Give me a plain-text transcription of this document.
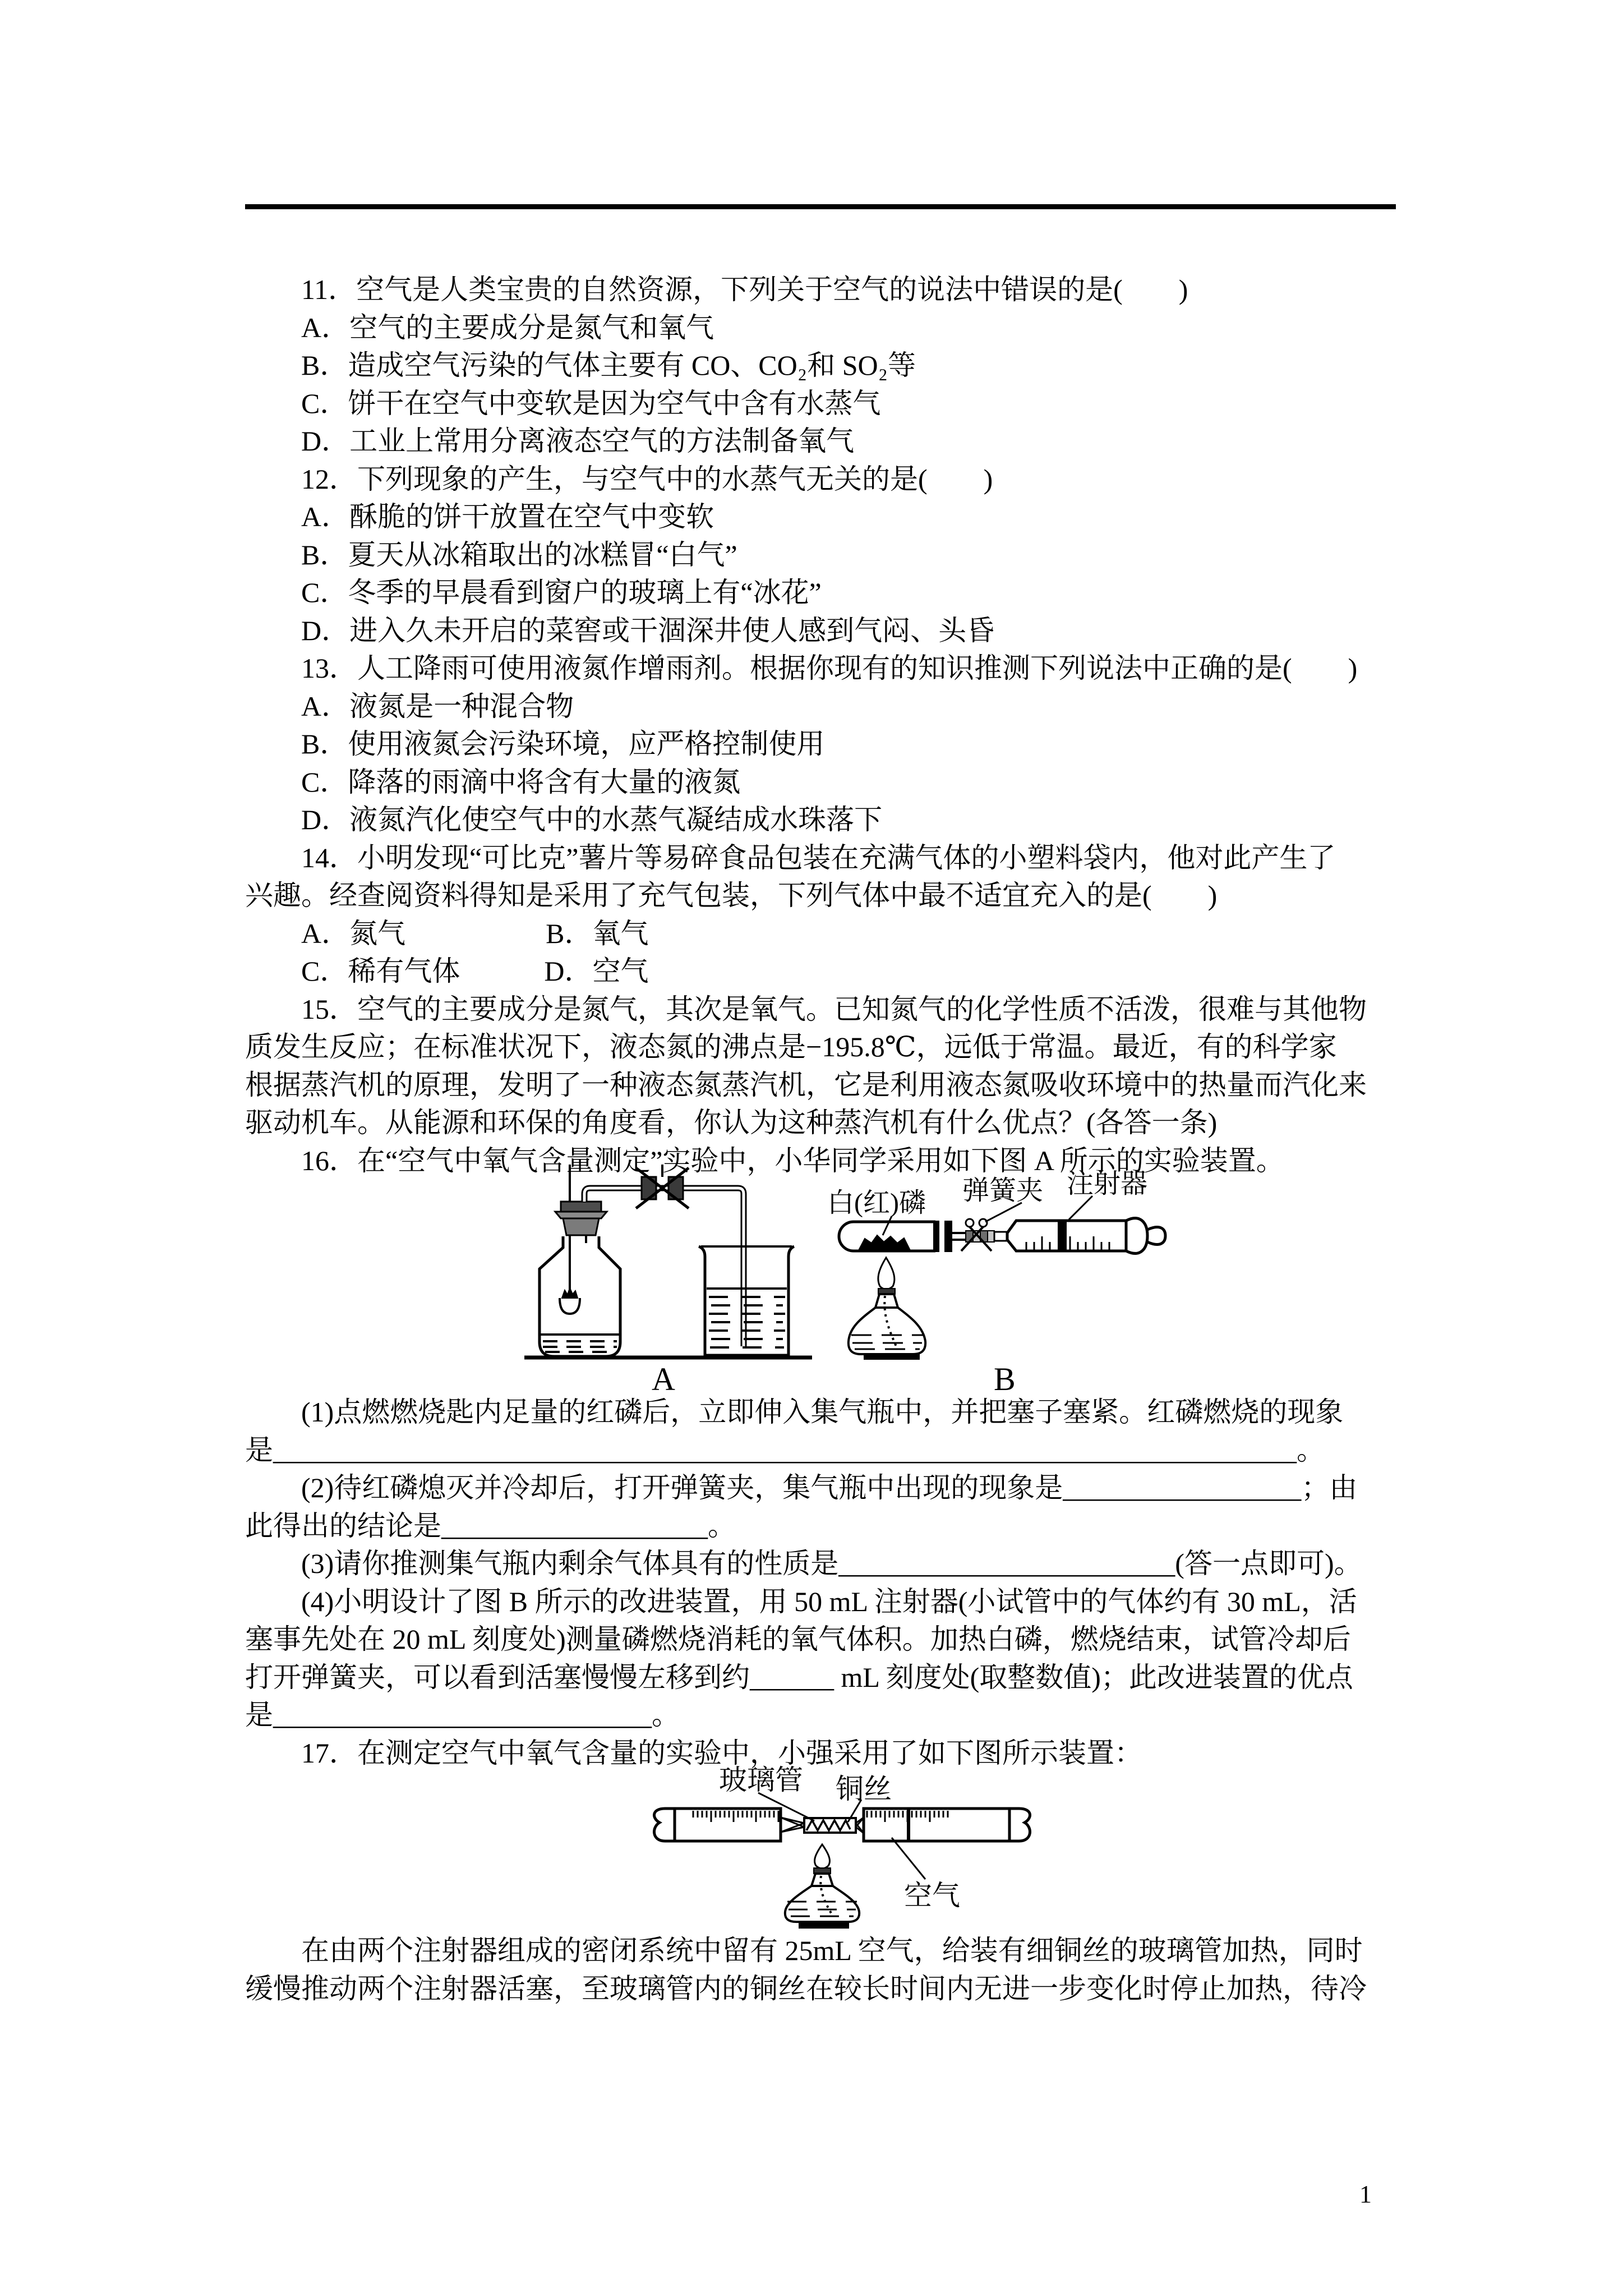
　　11．空气是人类宝贵的自然资源，下列关于空气的说法中错误的是(　　)
　　A．空气的主要成分是氮气和氧气
　　B．造成空气污染的气体主要有 CO、CO₂和 SO₂等
　　C．饼干在空气中变软是因为空气中含有水蒸气
　　D．工业上常用分离液态空气的方法制备氧气
　　12．下列现象的产生，与空气中的水蒸气无关的是(　　)
　　A．酥脆的饼干放置在空气中变软
　　B．夏天从冰箱取出的冰糕冒“白气”
　　C．冬季的早晨看到窗户的玻璃上有“冰花”
　　D．进入久未开启的菜窖或干涸深井使人感到气闷、头昏
　　13．人工降雨可使用液氮作增雨剂。根据你现有的知识推测下列说法中正确的是(　　)
　　A．液氮是一种混合物
　　B．使用液氮会污染环境，应严格控制使用
　　C．降落的雨滴中将含有大量的液氮
　　D．液氮汽化使空气中的水蒸气凝结成水珠落下
　　14．小明发现“可比克”薯片等易碎食品包装在充满气体的小塑料袋内，他对此产生了
兴趣。经查阅资料得知是采用了充气包装，下列气体中最不适宜充入的是(　　)
　　A．氮气　　　　　B．氧气
　　C．稀有气体　　　D．空气
　　15．空气的主要成分是氮气，其次是氧气。已知氮气的化学性质不活泼，很难与其他物
质发生反应；在标准状况下，液态氮的沸点是−195.8℃，远低于常温。最近，有的科学家
根据蒸汽机的原理，发明了一种液态氮蒸汽机，它是利用液态氮吸收环境中的热量而汽化来
驱动机车。从能源和环保的角度看，你认为这种蒸汽机有什么优点？(各答一条)
　　16．在“空气中氧气含量测定”实验中，小华同学采用如下图 A 所示的实验装置。
　　(1)点燃燃烧匙内足量的红磷后，立即伸入集气瓶中，并把塞子塞紧。红磷燃烧的现象
是_________________________________________________________________________。
　　(2)待红磷熄灭并冷却后，打开弹簧夹，集气瓶中出现的现象是_________________；由
此得出的结论是___________________。
　　(3)请你推测集气瓶内剩余气体具有的性质是________________________(答一点即可)。
　　(4)小明设计了图 B 所示的改进装置，用 50 mL 注射器(小试管中的气体约有 30 mL，活
塞事先处在 20 mL 刻度处)测量磷燃烧消耗的氧气体积。加热白磷，燃烧结束，试管冷却后
打开弹簧夹，可以看到活塞慢慢左移到约______ mL 刻度处(取整数值)；此改进装置的优点
是___________________________。
　　17．在测定空气中氧气含量的实验中，小强采用了如下图所示装置：
　　在由两个注射器组成的密闭系统中留有 25mL 空气，给装有细铜丝的玻璃管加热，同时
缓慢推动两个注射器活塞，至玻璃管内的铜丝在较长时间内无进一步变化时停止加热，待冷
白(红)磷 弹簧夹 注射器
A	B
玻璃管 铜丝
空气
1
